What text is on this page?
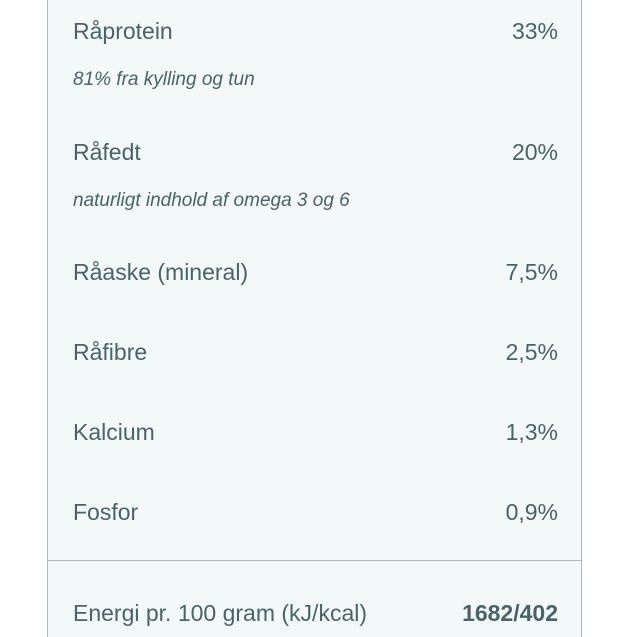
Råprotein	33%
81% fra kylling og tun
Råfedt	20%
naturligt indhold af omega 3 og 6
Råaske (mineral)	7,5%
Råfibre	2,5%
Kalcium	1,3%
Fosfor	0,9%
Energi pr. 100 gram (kJ/kcal)	1682/402
